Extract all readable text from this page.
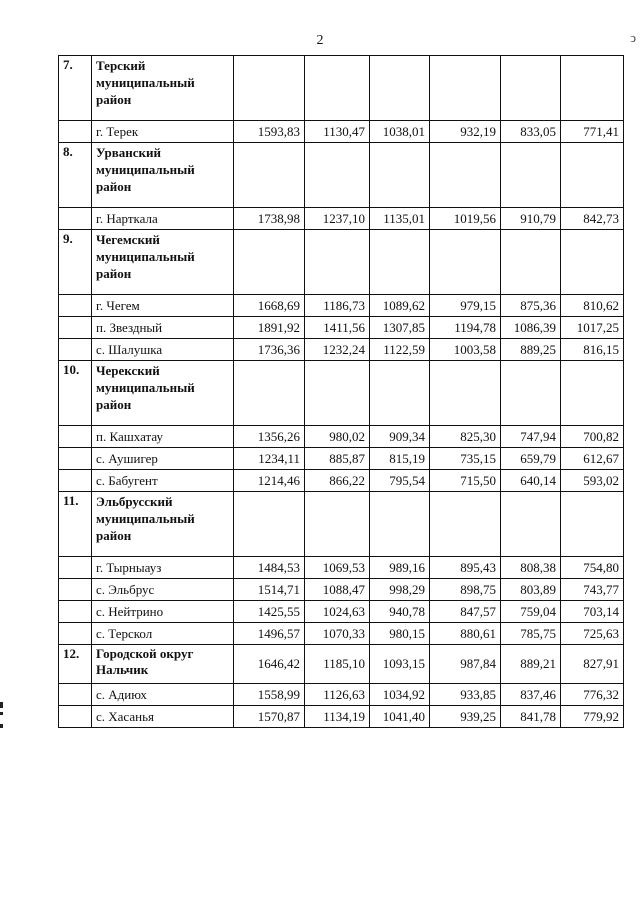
2	ↄ
7.	Терский муниципальный район						
	г. Терек	1593,83	1130,47	1038,01	932,19	833,05	771,41
8.	Урванский муниципальный район						
	г. Нарткала	1738,98	1237,10	1135,01	1019,56	910,79	842,73
9.	Чегемский муниципальный район						
	г. Чегем	1668,69	1186,73	1089,62	979,15	875,36	810,62
	п. Звездный	1891,92	1411,56	1307,85	1194,78	1086,39	1017,25
	с. Шалушка	1736,36	1232,24	1122,59	1003,58	889,25	816,15
10.	Черекский муниципальный район						
	п. Кашхатау	1356,26	980,02	909,34	825,30	747,94	700,82
	с. Аушигер	1234,11	885,87	815,19	735,15	659,79	612,67
	с. Бабугент	1214,46	866,22	795,54	715,50	640,14	593,02
11.	Эльбрусский муниципальный район						
	г. Тырныауз	1484,53	1069,53	989,16	895,43	808,38	754,80
	с. Эльбрус	1514,71	1088,47	998,29	898,75	803,89	743,77
	с. Нейтрино	1425,55	1024,63	940,78	847,57	759,04	703,14
	с. Терскол	1496,57	1070,33	980,15	880,61	785,75	725,63
12.	Городской округ Нальчик	1646,42	1185,10	1093,15	987,84	889,21	827,91
	с. Адиюх	1558,99	1126,63	1034,92	933,85	837,46	776,32
	с. Хасанья	1570,87	1134,19	1041,40	939,25	841,78	779,92
